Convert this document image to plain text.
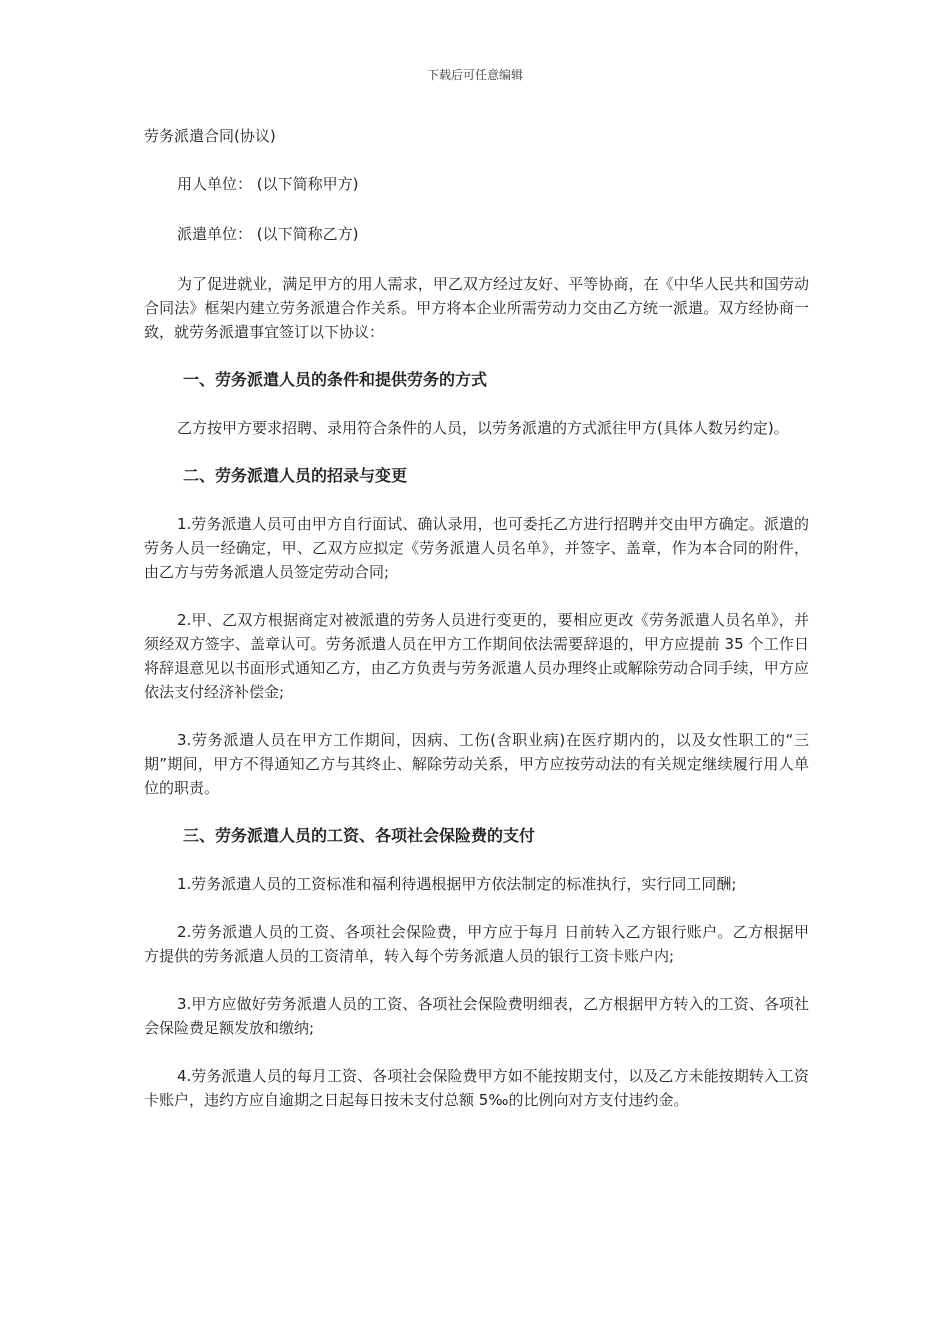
下载后可任意编辑
劳务派遣合同(协议)
用人单位： (以下简称甲方)
派遣单位： (以下简称乙方)
为了促进就业，满足甲方的用人需求，甲乙双方经过友好、平等协商，在《中华人民共和国劳动合同法》框架内建立劳务派遣合作关系。甲方将本企业所需劳动力交由乙方统一派遣。双方经协商一致，就劳务派遣事宜签订以下协议：
一、劳务派遣人员的条件和提供劳务的方式
乙方按甲方要求招聘、录用符合条件的人员，以劳务派遣的方式派往甲方(具体人数另约定)。
二、劳务派遣人员的招录与变更
1.劳务派遣人员可由甲方自行面试、确认录用，也可委托乙方进行招聘并交由甲方确定。派遣的劳务人员一经确定，甲、乙双方应拟定《劳务派遣人员名单》，并签字、盖章，作为本合同的附件，由乙方与劳务派遣人员签定劳动合同;
2.甲、乙双方根据商定对被派遣的劳务人员进行变更的，要相应更改《劳务派遣人员名单》，并须经双方签字、盖章认可。劳务派遣人员在甲方工作期间依法需要辞退的，甲方应提前 35 个工作日将辞退意见以书面形式通知乙方，由乙方负责与劳务派遣人员办理终止或解除劳动合同手续，甲方应依法支付经济补偿金;
3.劳务派遣人员在甲方工作期间，因病、工伤(含职业病)在医疗期内的，以及女性职工的“三期”期间，甲方不得通知乙方与其终止、解除劳动关系，甲方应按劳动法的有关规定继续履行用人单位的职责。
三、劳务派遣人员的工资、各项社会保险费的支付
1.劳务派遣人员的工资标准和福利待遇根据甲方依法制定的标准执行，实行同工同酬;
2.劳务派遣人员的工资、各项社会保险费，甲方应于每月 日前转入乙方银行账户。乙方根据甲方提供的劳务派遣人员的工资清单，转入每个劳务派遣人员的银行工资卡账户内;
3.甲方应做好劳务派遣人员的工资、各项社会保险费明细表，乙方根据甲方转入的工资、各项社会保险费足额发放和缴纳;
4.劳务派遣人员的每月工资、各项社会保险费甲方如不能按期支付，以及乙方未能按期转入工资卡账户，违约方应自逾期之日起每日按未支付总额 5‰的比例向对方支付违约金。
